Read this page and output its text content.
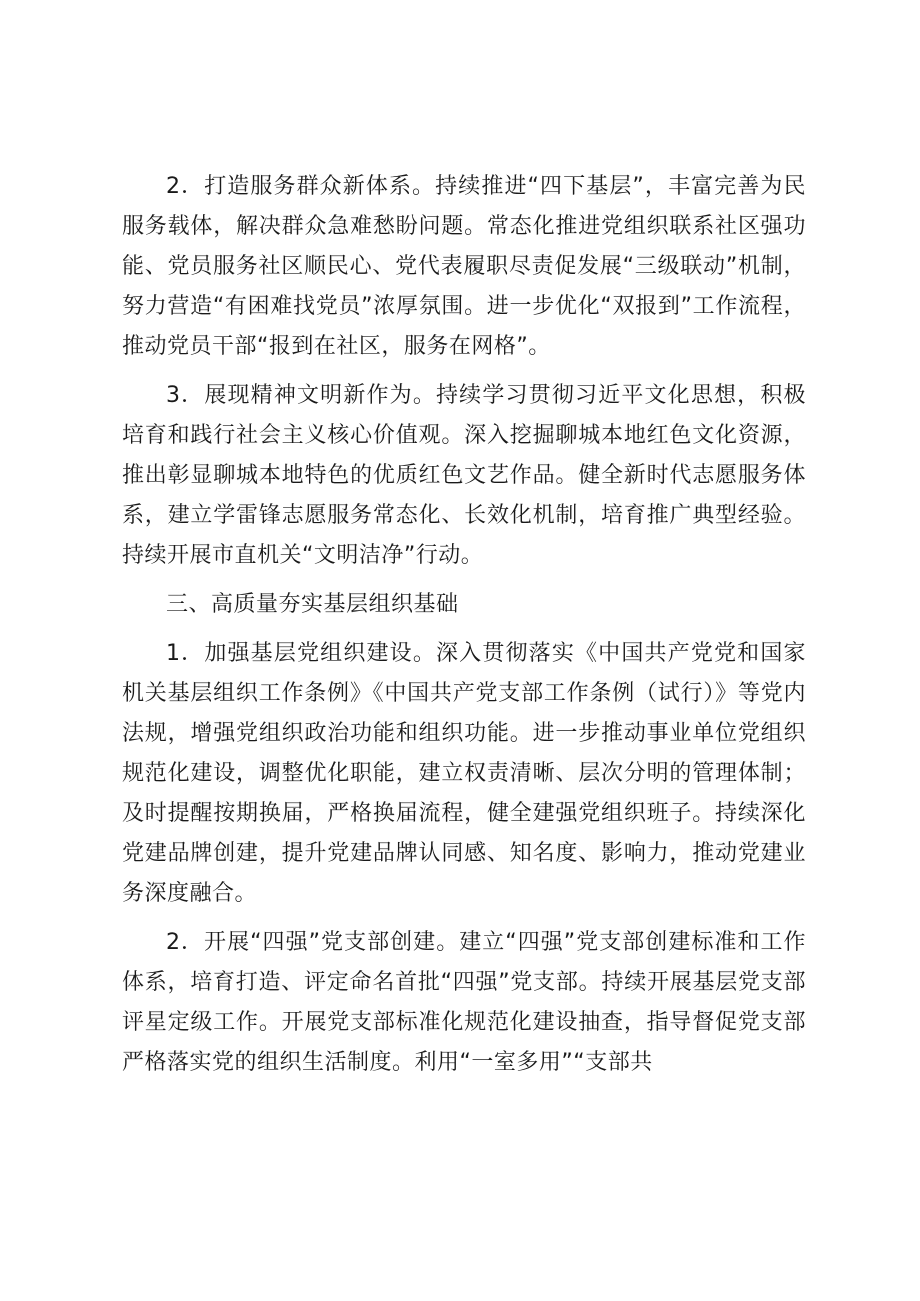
2．打造服务群众新体系。持续推进“四下基层”，丰富完善为民服务载体，解决群众急难愁盼问题。常态化推进党组织联系社区强功能、党员服务社区顺民心、党代表履职尽责促发展“三级联动”机制，努力营造“有困难找党员”浓厚氛围。进一步优化“双报到”工作流程，推动党员干部“报到在社区，服务在网格”。

3．展现精神文明新作为。持续学习贯彻习近平文化思想，积极培育和践行社会主义核心价值观。深入挖掘聊城本地红色文化资源，推出彰显聊城本地特色的优质红色文艺作品。健全新时代志愿服务体系，建立学雷锋志愿服务常态化、长效化机制，培育推广典型经验。持续开展市直机关“文明洁净”行动。

三、高质量夯实基层组织基础

1．加强基层党组织建设。深入贯彻落实《中国共产党党和国家机关基层组织工作条例》《中国共产党支部工作条例（试行）》等党内法规，增强党组织政治功能和组织功能。进一步推动事业单位党组织规范化建设，调整优化职能，建立权责清晰、层次分明的管理体制；及时提醒按期换届，严格换届流程，健全建强党组织班子。持续深化党建品牌创建，提升党建品牌认同感、知名度、影响力，推动党建业务深度融合。

2．开展“四强”党支部创建。建立“四强”党支部创建标准和工作体系，培育打造、评定命名首批“四强”党支部。持续开展基层党支部评星定级工作。开展党支部标准化规范化建设抽查，指导督促党支部严格落实党的组织生活制度。利用“一室多用”“支部共
